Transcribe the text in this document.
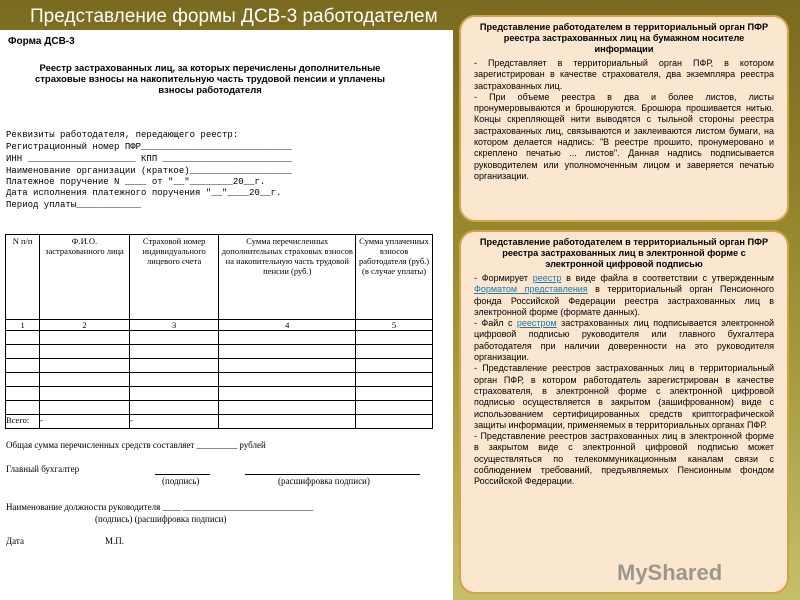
Представление формы ДСВ-3 работодателем
Форма ДСВ-3
Реестр застрахованных лиц, за которых перечислены дополнительные страховые взносы на накопительную часть трудовой пенсии и уплачены взносы работодателя
Реквизиты работодателя, передающего реестр:
Регистрационный номер ПФР____________________________
ИНН ____________________ КПП ________________________
Наименование организации (краткое)___________________
Платежное поручение N ____ от "__"________20__г.
Дата исполнения платежного поручения "__"____20__г.
Период уплаты____________
N п/п	Ф.И.О. застрахованного лица	Страховой номер индивидуального лицевого счета	Сумма перечисленных дополнительных страховых взносов на накопительную часть трудовой пенсии (руб.)	Сумма уплаченных взносов работодателя (руб.) (в случае уплаты)
1	2	3	4	5

Всего:	-	-		
Общая сумма перечисленных средств составляет _________ рублей
Главный бухгалтер
(подпись)	(расшифровка подписи)
Наименование должности руководителя ____ _____________________________
(подпись) (расшифровка подписи)
Дата	М.П.
Представление работодателем в территориальный орган ПФР реестра застрахованных лиц на бумажном носителе информации

- Представляет в территориальный орган ПФР, в котором зарегистрирован в качестве страхователя, два экземпляра реестра застрахованных лиц.

- При объеме реестра в два и более листов, листы пронумеровываются и брошюруются. Брошюра прошивается нитью. Концы скрепляющей нити выводятся с тыльной стороны реестра застрахованных лиц, связываются и заклеиваются листом бумаги, на котором делается надпись: "В реестре прошито, пронумеровано и скреплено печатью ... листов". Данная надпись подписывается руководителем или уполномоченным лицом и заверяется печатью организации.

Представление работодателем в территориальный орган ПФР реестра застрахованных лиц в электронной форме с электронной цифровой подписью

- Формирует реестр в виде файла в соответствии с утвержденным Форматом представления в территориальный орган Пенсионного фонда Российской Федерации реестра застрахованных лиц в электронной форме (формате данных).

- Файл с реестром застрахованных лиц подписывается электронной цифровой подписью руководителя или главного бухгалтера работодателя при наличии доверенности на это руководителя организации.

- Представление реестров застрахованных лиц в территориальный орган ПФР, в котором работодатель зарегистрирован в качестве страхователя, в электронной форме с электронной цифровой подписью осуществляется в закрытом (зашифрованном) виде с использованием сертифицированных средств криптографической защиты информации, применяемых в территориальных органах ПФР.

- Представление реестров застрахованных лиц в электронной форме в закрытом виде с электронной цифровой подписью может осуществляться по телекоммуникационным каналам связи с соблюдением требований, предъявляемых Пенсионным фондом Российской Федерации.

MyShared
